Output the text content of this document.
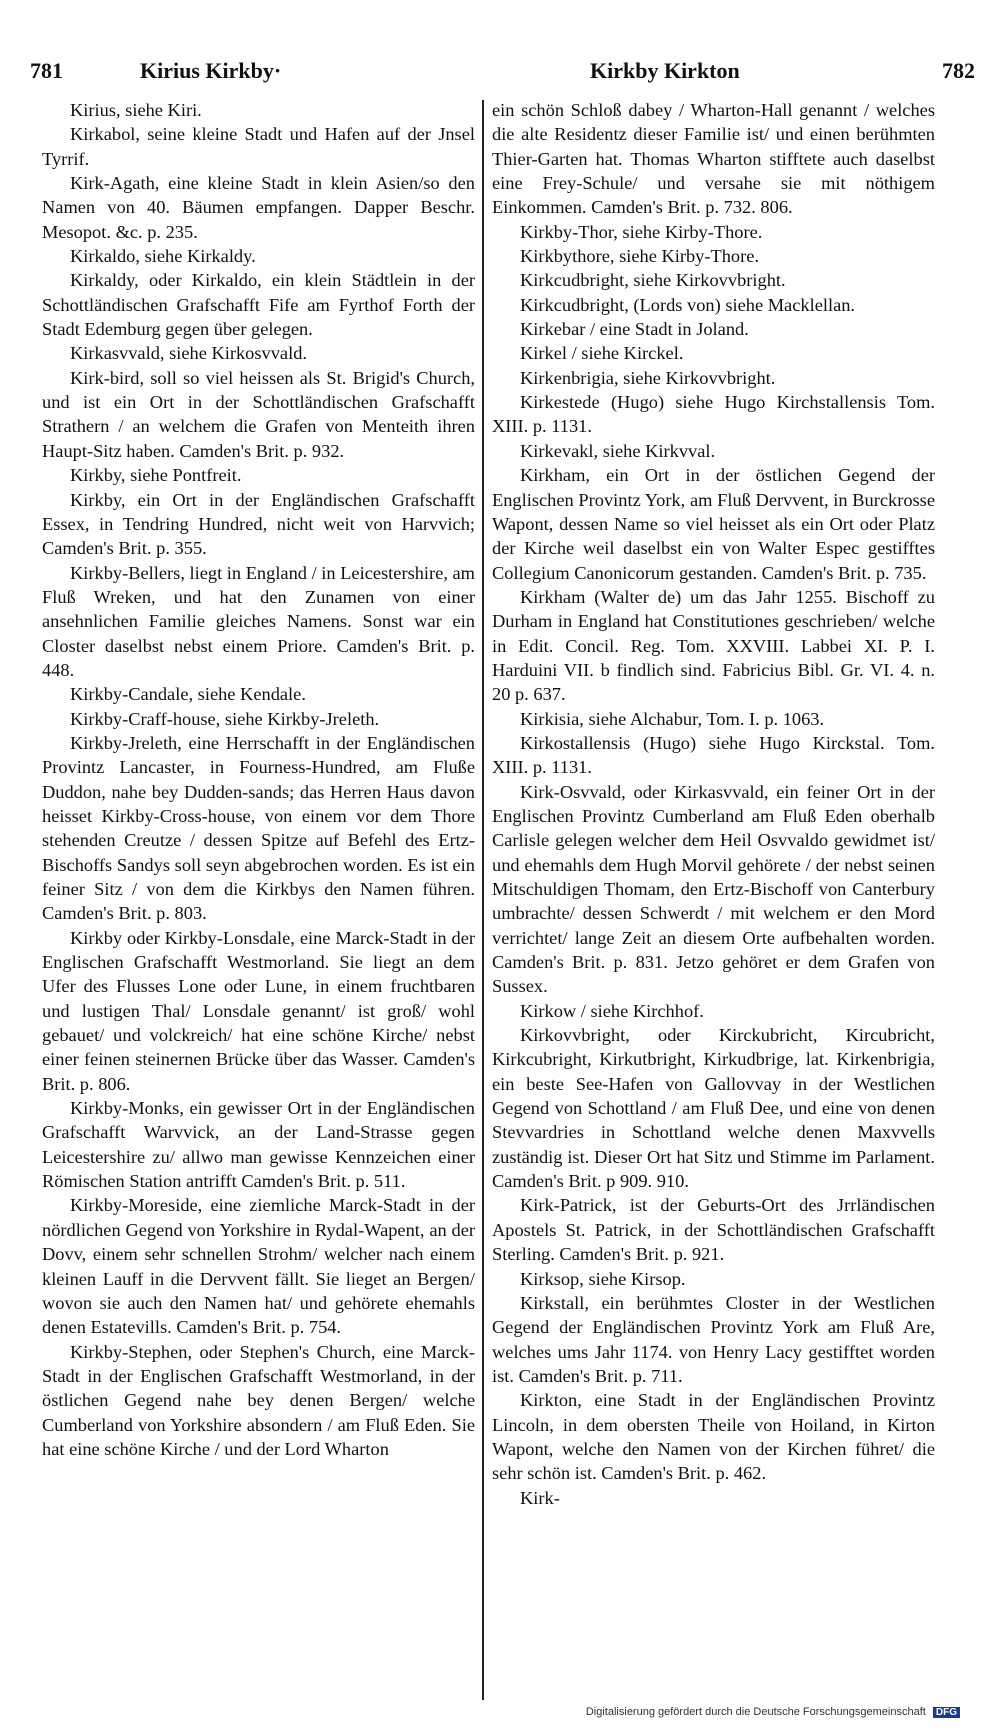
781	Kirius Kirkby·	Kirkby Kirkton	782

Kirius, siehe Kiri.

Kirkabol, seine kleine Stadt und Hafen auf der Jnsel Tyrrif.

Kirk-Agath, eine kleine Stadt in klein Asien/so den Namen von 40. Bäumen empfangen. Dapper Beschr. Mesopot. &c. p. 235.

Kirkaldo, siehe Kirkaldy.

Kirkaldy, oder Kirkaldo, ein klein Städtlein in der Schottländischen Grafschafft Fife am Fyrthof Forth der Stadt Edemburg gegen über gelegen.

Kirkasvvald, siehe Kirkosvvald.

Kirk-bird, soll so viel heissen als St. Brigid's Church, und ist ein Ort in der Schottländischen Grafschafft Strathern / an welchem die Grafen von Menteith ihren Haupt-Sitz haben. Camden's Brit. p. 932.

Kirkby, siehe Pontfreit.

Kirkby, ein Ort in der Engländischen Grafschafft Essex, in Tendring Hundred, nicht weit von Harvvich; Camden's Brit. p. 355.

Kirkby-Bellers, liegt in England / in Leicestershire, am Fluß Wreken, und hat den Zunamen von einer ansehnlichen Familie gleiches Namens. Sonst war ein Closter daselbst nebst einem Priore. Camden's Brit. p. 448.

Kirkby-Candale, siehe Kendale.

Kirkby-Craff-house, siehe Kirkby-Jreleth.

Kirkby-Jreleth, eine Herrschafft in der Engländischen Provintz Lancaster, in Fourness-Hundred, am Fluße Duddon, nahe bey Dudden-sands; das Herren Haus davon heisset Kirkby-Cross-house, von einem vor dem Thore stehenden Creutze / dessen Spitze auf Befehl des Ertz-Bischoffs Sandys soll seyn abgebrochen worden. Es ist ein feiner Sitz / von dem die Kirkbys den Namen führen. Camden's Brit. p. 803.

Kirkby oder Kirkby-Lonsdale, eine Marck-Stadt in der Englischen Grafschafft Westmorland. Sie liegt an dem Ufer des Flusses Lone oder Lune, in einem fruchtbaren und lustigen Thal/ Lonsdale genannt/ ist groß/ wohl gebauet/ und volckreich/ hat eine schöne Kirche/ nebst einer feinen steinernen Brücke über das Wasser. Camden's Brit. p. 806.

Kirkby-Monks, ein gewisser Ort in der Engländischen Grafschafft Warvvick, an der Land-Strasse gegen Leicestershire zu/ allwo man gewisse Kennzeichen einer Römischen Station antrifft Camden's Brit. p. 511.

Kirkby-Moreside, eine ziemliche Marck-Stadt in der nördlichen Gegend von Yorkshire in Rydal-Wapent, an der Dovv, einem sehr schnellen Strohm/ welcher nach einem kleinen Lauff in die Dervvent fällt. Sie lieget an Bergen/ wovon sie auch den Namen hat/ und gehörete ehemahls denen Estatevills. Camden's Brit. p. 754.

Kirkby-Stephen, oder Stephen's Church, eine Marck-Stadt in der Englischen Grafschafft Westmorland, in der östlichen Gegend nahe bey denen Bergen/ welche Cumberland von Yorkshire absondern / am Fluß Eden. Sie hat eine schöne Kirche / und der Lord Wharton

ein schön Schloß dabey / Wharton-Hall genannt / welches die alte Residentz dieser Familie ist/ und einen berühmten Thier-Garten hat. Thomas Wharton stifftete auch daselbst eine Frey-Schule/ und versahe sie mit nöthigem Einkommen. Camden's Brit. p. 732. 806.

Kirkby-Thor, siehe Kirby-Thore.

Kirkbythore, siehe Kirby-Thore.

Kirkcudbright, siehe Kirkovvbright.

Kirkcudbright, (Lords von) siehe Macklellan.

Kirkebar / eine Stadt in Joland.

Kirkel / siehe Kirckel.

Kirkenbrigia, siehe Kirkovvbright.

Kirkestede (Hugo) siehe Hugo Kirchstallensis Tom. XIII. p. 1131.

Kirkevakl, siehe Kirkvval.

Kirkham, ein Ort in der östlichen Gegend der Englischen Provintz York, am Fluß Dervvent, in Burckrosse Wapont, dessen Name so viel heisset als ein Ort oder Platz der Kirche weil daselbst ein von Walter Espec gestifftes Collegium Canonicorum gestanden. Camden's Brit. p. 735.

Kirkham (Walter de) um das Jahr 1255. Bischoff zu Durham in England hat Constitutiones geschrieben/ welche in Edit. Concil. Reg. Tom. XXVIII. Labbei XI. P. I. Harduini VII. b findlich sind. Fabricius Bibl. Gr. VI. 4. n. 20 p. 637.

Kirkisia, siehe Alchabur, Tom. I. p. 1063.

Kirkostallensis (Hugo) siehe Hugo Kirckstal. Tom. XIII. p. 1131.

Kirk-Osvvald, oder Kirkasvvald, ein feiner Ort in der Englischen Provintz Cumberland am Fluß Eden oberhalb Carlisle gelegen welcher dem Heil Osvvaldo gewidmet ist/ und ehemahls dem Hugh Morvil gehörete / der nebst seinen Mitschuldigen Thomam, den Ertz-Bischoff von Canterbury umbrachte/ dessen Schwerdt / mit welchem er den Mord verrichtet/ lange Zeit an diesem Orte aufbehalten worden. Camden's Brit. p. 831. Jetzo gehöret er dem Grafen von Sussex.

Kirkow / siehe Kirchhof.

Kirkovvbright, oder Kirckubricht, Kircubricht, Kirkcubright, Kirkutbright, Kirkudbrige, lat. Kirkenbrigia, ein beste See-Hafen von Gallovvay in der Westlichen Gegend von Schottland / am Fluß Dee, und eine von denen Stevvardries in Schottland welche denen Maxvvells zuständig ist. Dieser Ort hat Sitz und Stimme im Parlament. Camden's Brit. p 909. 910.

Kirk-Patrick, ist der Geburts-Ort des Jrrländischen Apostels St. Patrick, in der Schottländischen Grafschafft Sterling. Camden's Brit. p. 921.

Kirksop, siehe Kirsop.

Kirkstall, ein berühmtes Closter in der Westlichen Gegend der Engländischen Provintz York am Fluß Are, welches ums Jahr 1174. von Henry Lacy gestifftet worden ist. Camden's Brit. p. 711.

Kirkton, eine Stadt in der Engländischen Provintz Lincoln, in dem obersten Theile von Hoiland, in Kirton Wapont, welche den Namen von der Kirchen führet/ die sehr schön ist. Camden's Brit. p. 462.

Kirk-

Digitalisierung gefördert durch die Deutsche Forschungsgemeinschaft DFG
